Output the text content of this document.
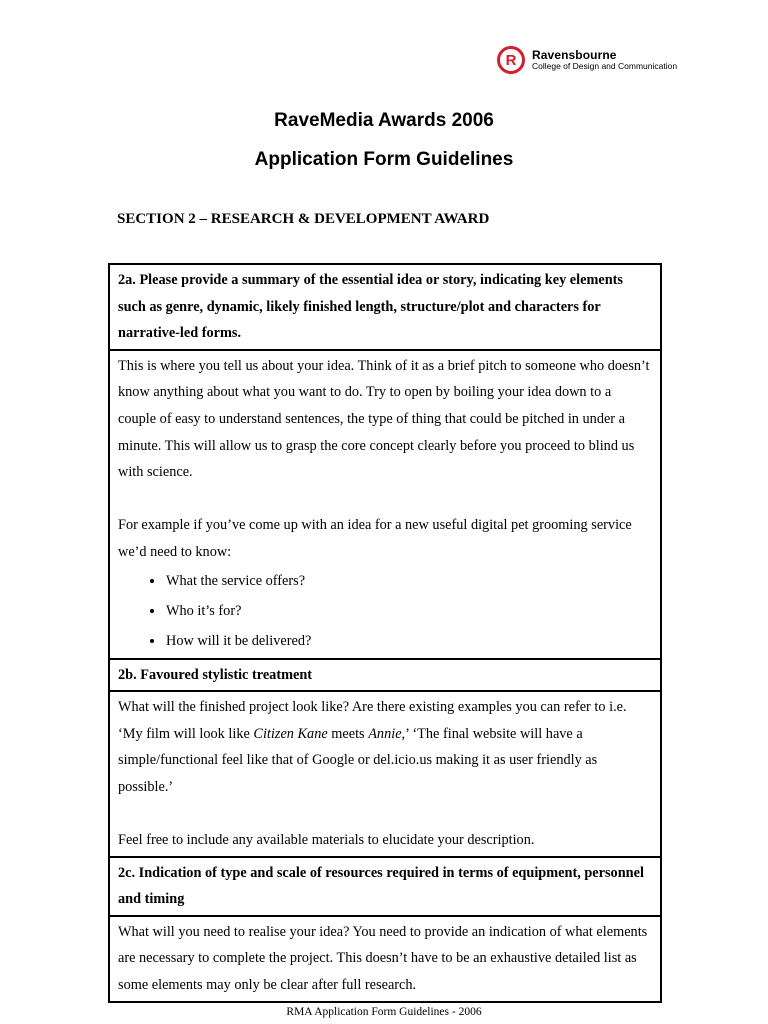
R	Ravensbourne
College of Design and Communication
RaveMedia Awards 2006
Application Form Guidelines
SECTION 2 – RESEARCH & DEVELOPMENT AWARD
2a. Please provide a summary of the essential idea or story, indicating key elements such as genre, dynamic, likely finished length, structure/plot and characters for narrative-led forms.

This is where you tell us about your idea. Think of it as a brief pitch to someone who doesn’t know anything about what you want to do. Try to open by boiling your idea down to a couple of easy to understand sentences, the type of thing that could be pitched in under a minute. This will allow us to grasp the core concept clearly before you proceed to blind us with science.

For example if you’ve come up with an idea for a new useful digital pet grooming service we’d need to know:

• What the service offers?
• Who it’s for?
• How will it be delivered?

2b. Favoured stylistic treatment

What will the finished project look like? Are there existing examples you can refer to i.e. ‘My film will look like Citizen Kane meets Annie,’ ‘The final website will have a simple/functional feel like that of Google or del.icio.us making it as user friendly as possible.’

Feel free to include any available materials to elucidate your description.

2c. Indication of type and scale of resources required in terms of equipment, personnel and timing

What will you need to realise your idea? You need to provide an indication of what elements are necessary to complete the project. This doesn’t have to be an exhaustive detailed list as some elements may only be clear after full research.

RMA Application Form Guidelines - 2006
